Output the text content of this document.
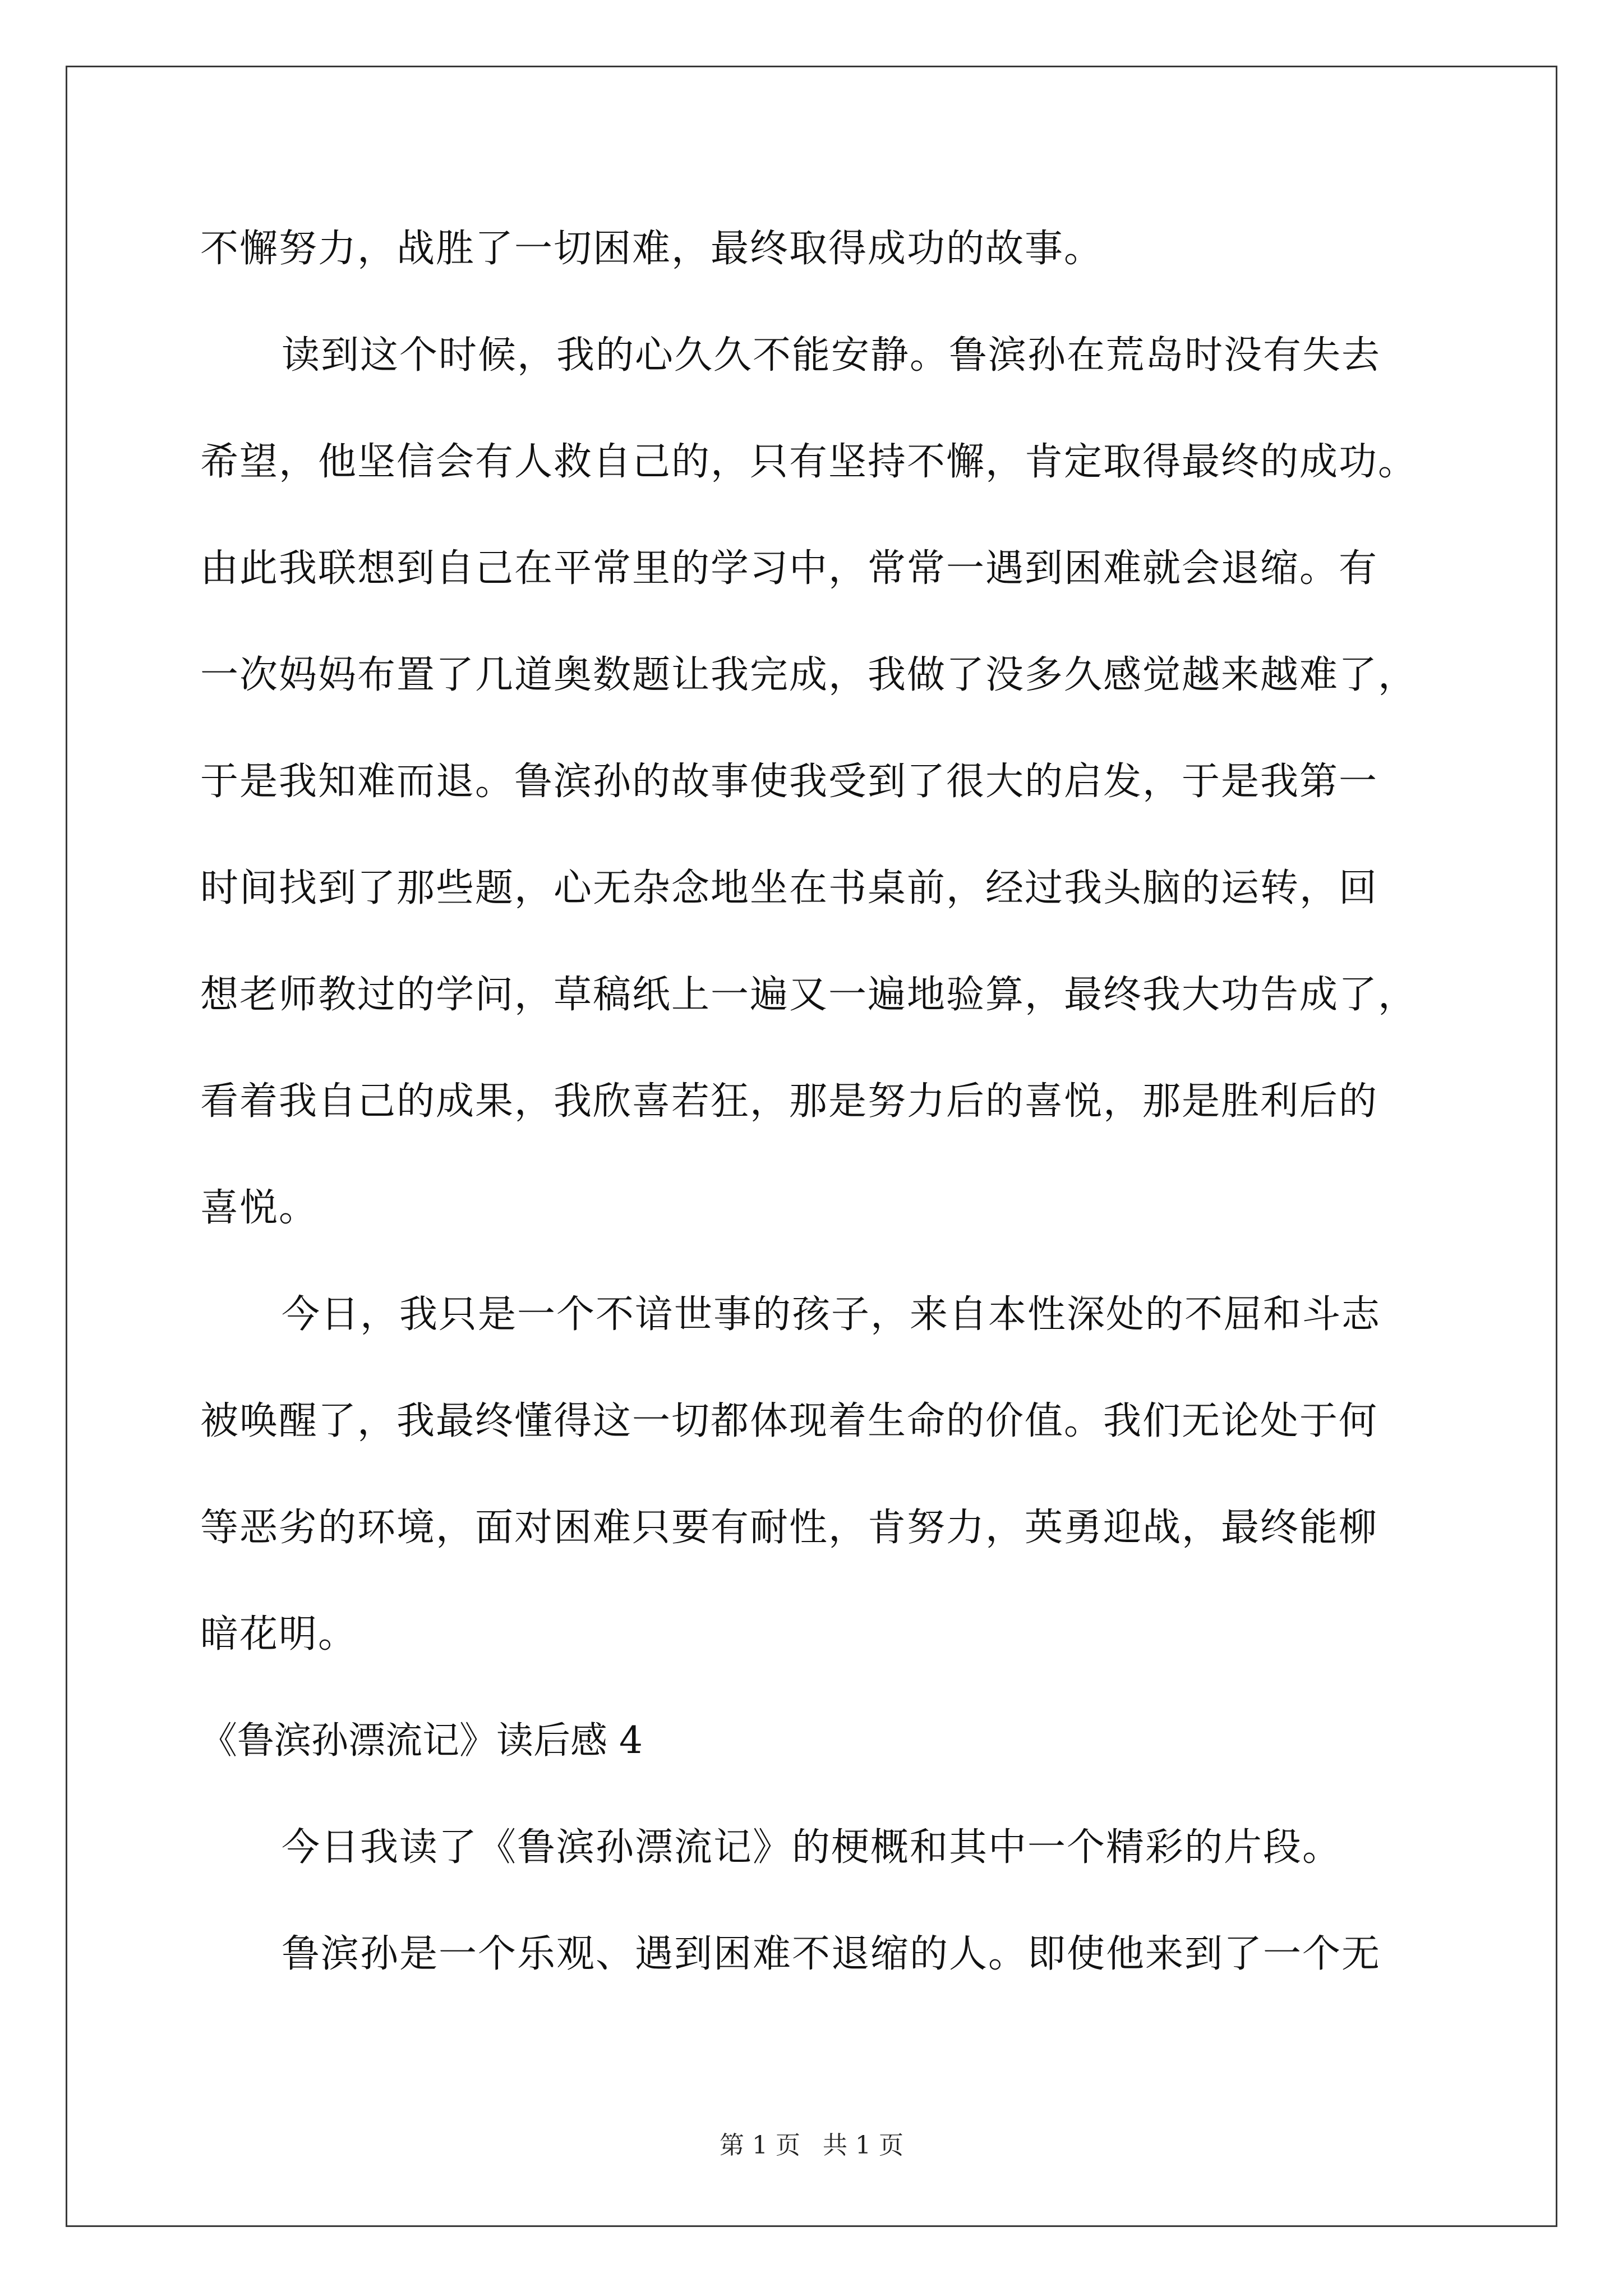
不懈努力，战胜了一切困难，最终取得成功的故事。
读到这个时候，我的心久久不能安静。鲁滨孙在荒岛时没有失去
希望，他坚信会有人救自己的，只有坚持不懈，肯定取得最终的成功。
由此我联想到自己在平常里的学习中，常常一遇到困难就会退缩。有
一次妈妈布置了几道奥数题让我完成，我做了没多久感觉越来越难了，
于是我知难而退。鲁滨孙的故事使我受到了很大的启发，于是我第一
时间找到了那些题，心无杂念地坐在书桌前，经过我头脑的运转，回
想老师教过的学问，草稿纸上一遍又一遍地验算，最终我大功告成了，
看着我自己的成果，我欣喜若狂，那是努力后的喜悦，那是胜利后的
喜悦。
今日，我只是一个不谙世事的孩子，来自本性深处的不屈和斗志
被唤醒了，我最终懂得这一切都体现着生命的价值。我们无论处于何
等恶劣的环境，面对困难只要有耐性，肯努力，英勇迎战，最终能柳
暗花明。
《鲁滨孙漂流记》读后感 4
今日我读了《鲁滨孙漂流记》的梗概和其中一个精彩的片段。
鲁滨孙是一个乐观、遇到困难不退缩的人。即使他来到了一个无
第 1 页 共 1 页
